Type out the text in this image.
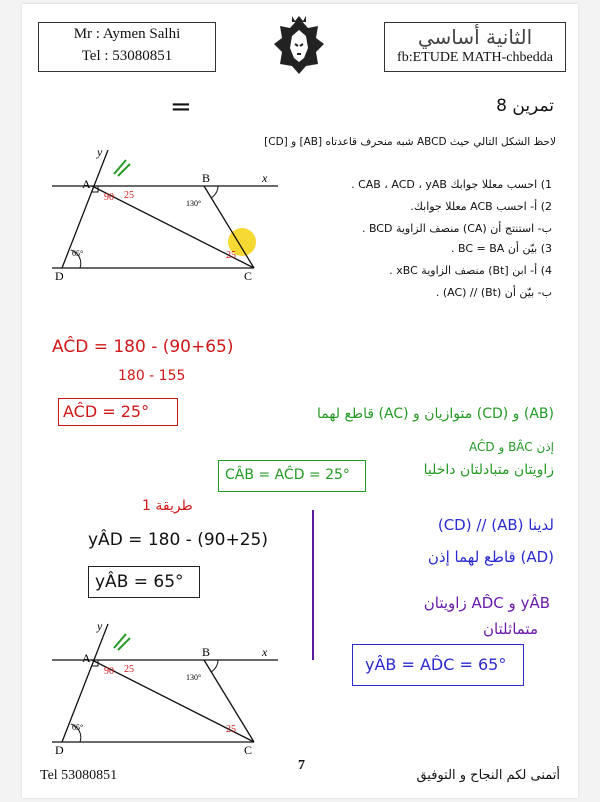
Mr : Aymen Salhi
Tel : 53080851
الثانية أساسي
fb:ETUDE MATH-chbedda
تمرين 8
=
لاحظ الشكل التالي حيث ABCD شبه منحرف قاعدتاه [AB] و [CD]
1) احسب معللا جوابك CAB ، ACD ، yAB .
2) أ- احسب ACB معللا جوابك.
ب- استنتج أن (CA) منصف الزاوية BCD .
3) بيّن أن BC = BA .
4) أ- ابن [Bt) منصف الزاوية xBC .
ب- بيّن أن (Bt) // (AC) .
y
A	B	x
C
D
130°
65°
90 25
25
AĈD = 180 - (90+65)
180 - 155
AĈD = 25°	(AB) و (CD) متوازيان و (AC) قاطع لهما
إذن BÂC و AĈD
زاويتان متبادلتان داخليا
CÂB = AĈD = 25°
طريقة 1
yÂD = 180 - (90+25)
yÂB = 65°
لدينا (AB) // (CD)
(AD) قاطع لهما إذن
yÂB و AD̂C زاويتان
متماثلتان
yÂB = AD̂C = 65°
y
A	B	x
C
D
130°
65°
90 25
25
Tel 53080851
7
أتمنى لكم النجاح و التوفيق
